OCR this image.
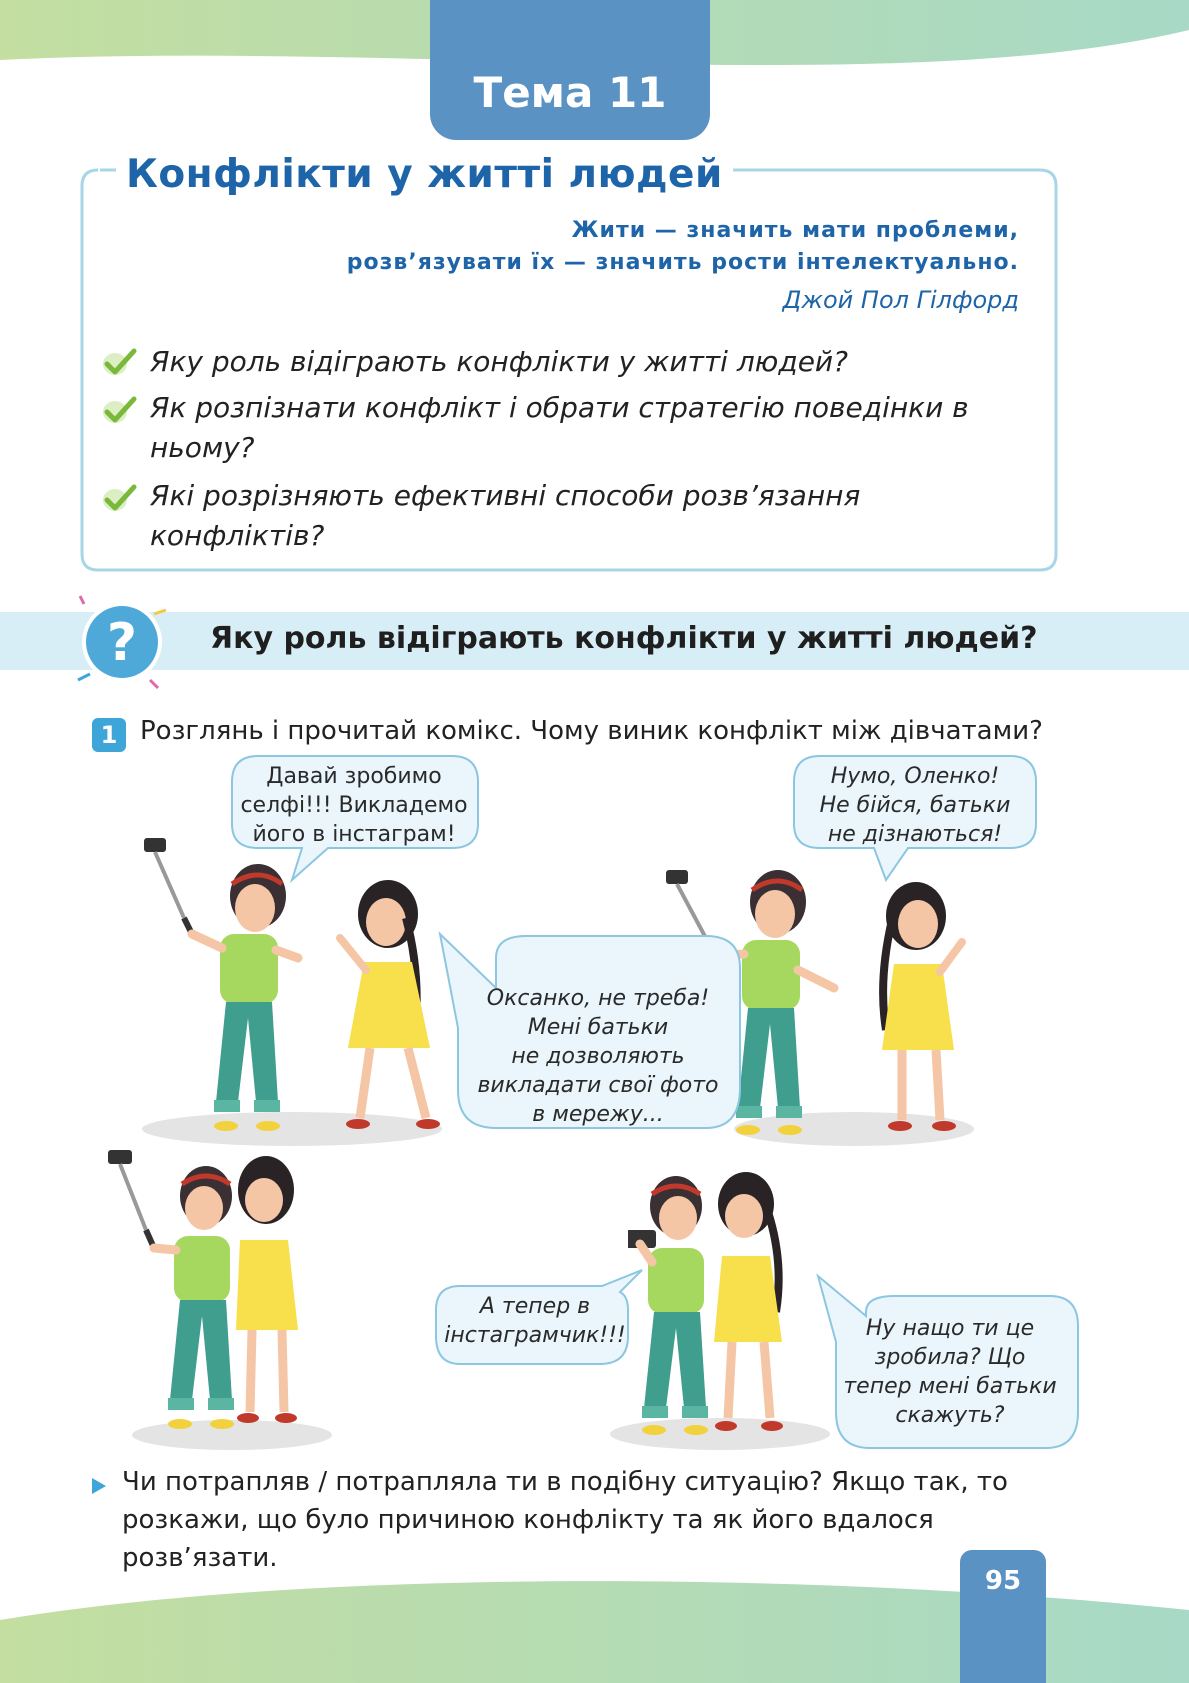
Тема 11
Конфлікти у житті людей
Жити — значить мати проблеми,
розв’язувати їх — значить рости інтелектуально.
Джой Пол Гілфорд
Яку роль відіграють конфлікти у житті людей?
Як розпізнати конфлікт і обрати стратегію поведінки в ньому?
Які розрізняють ефективні способи розв’язання конфліктів?
? Яку роль відіграють конфлікти у житті людей?
1 Розглянь і прочитай комікс. Чому виник конфлікт між дівчатами?
Давай зробимо
селфі!!! Викладемо
його в інстаграм!
Оксанко, не треба!
Мені батьки
не дозволяють
викладати свої фото
в мережу...
Нумо, Оленко!
Не бійся, батьки
не дізнаються!
А тепер в
інстаграмчик!!!	Ну нащо ти це
зробила? Що
тепер мені батьки
скажуть?
Чи потрапляв / потрапляла ти в подібну ситуацію? Якщо так, то розкажи, що було причиною конфлікту та як його вдалося розв’язати.
95
